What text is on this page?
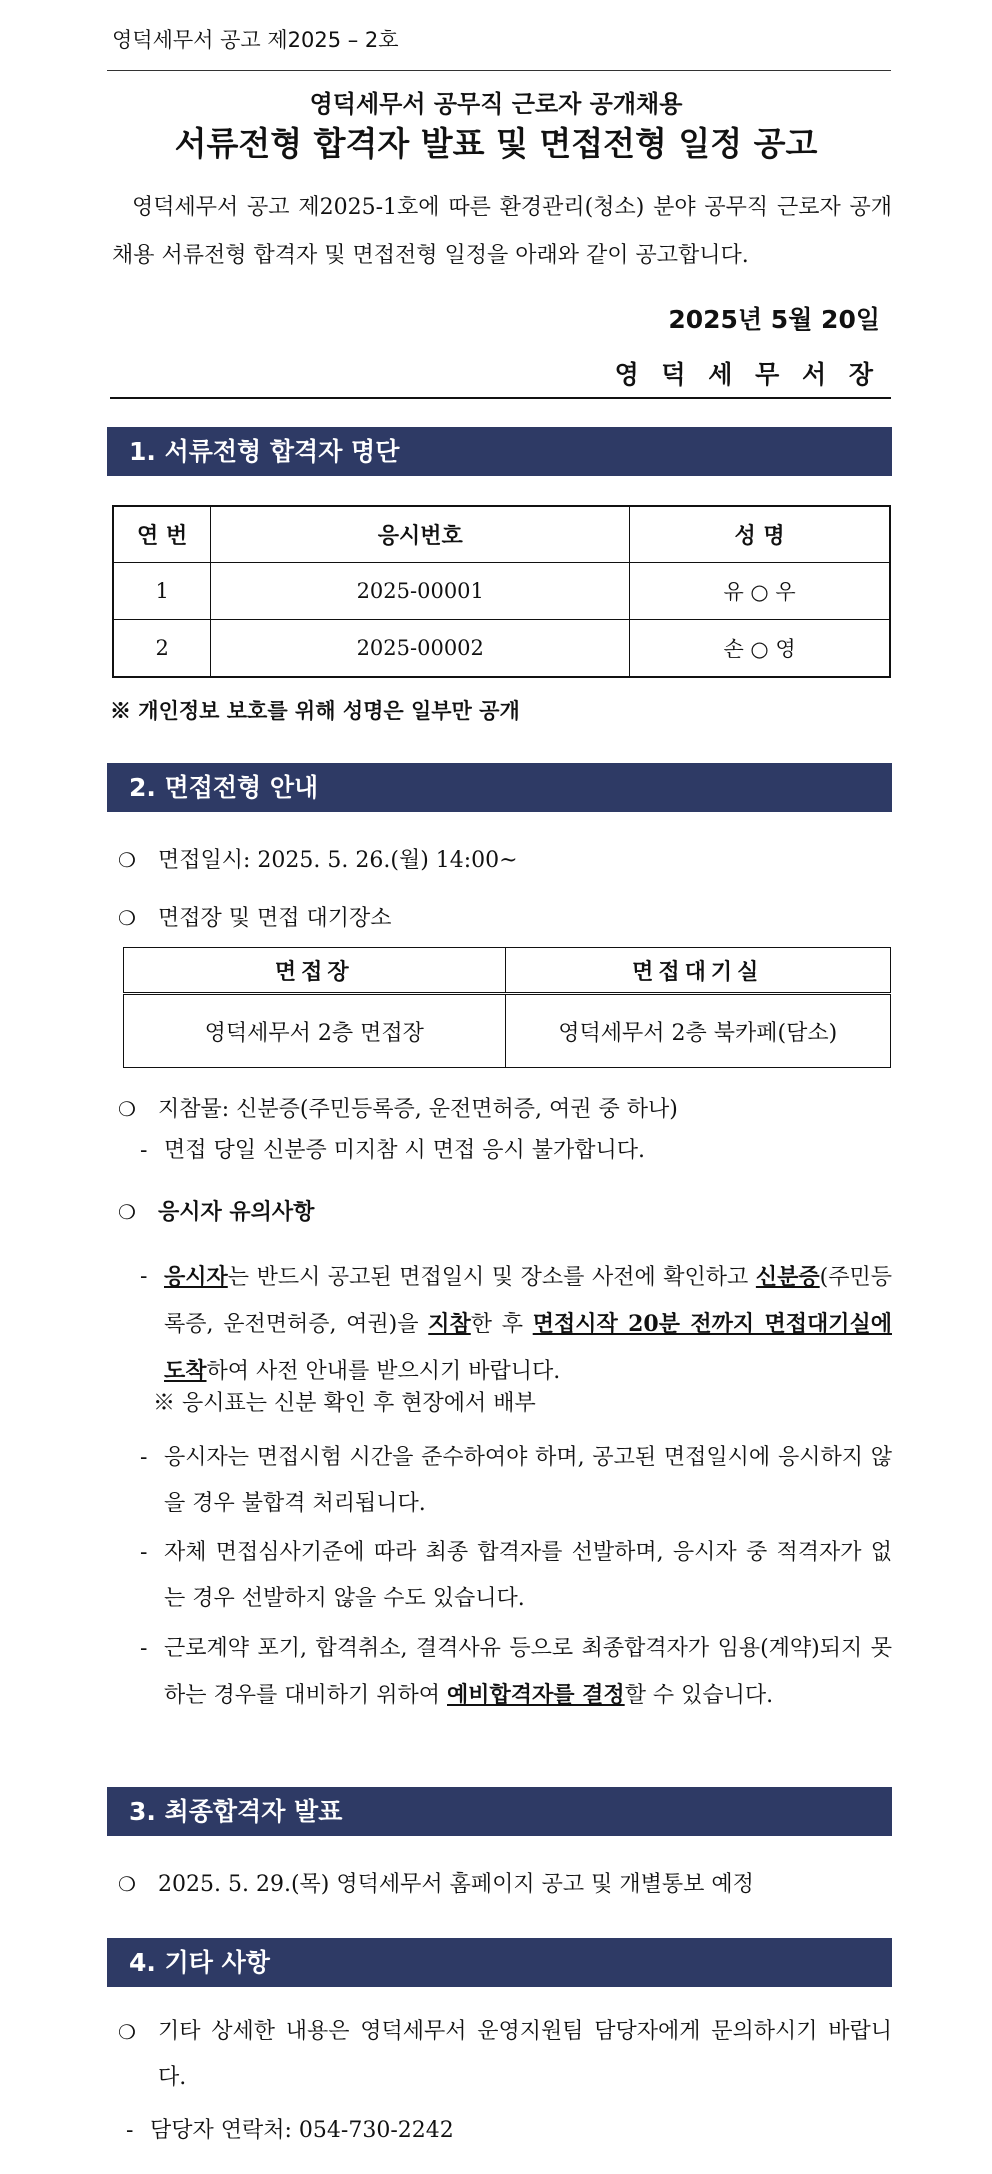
영덕세무서 공고 제2025 – 2호
영덕세무서 공무직 근로자 공개채용
서류전형 합격자 발표 및 면접전형 일정 공고
영덕세무서 공고 제2025-1호에 따른 환경관리(청소) 분야 공무직 근로자 공개채용 서류전형 합격자 및 면접전형 일정을 아래와 같이 공고합니다.
2025년 5월 20일
영 덕 세 무 서 장
1. 서류전형 합격자 명단
연 번	응시번호	성 명
1	2025-00001	유 ○ 우
2	2025-00002	손 ○ 영
※ 개인정보 보호를 위해 성명은 일부만 공개
2. 면접전형 안내
❍ 면접일시: 2025. 5. 26.(월) 14:00~
❍ 면접장 및 면접 대기장소
면접장	면접대기실
영덕세무서 2층 면접장	영덕세무서 2층 북카페(담소)
❍ 지참물: 신분증(주민등록증, 운전면허증, 여권 중 하나)
- 면접 당일 신분증 미지참 시 면접 응시 불가합니다.
❍ 응시자 유의사항
- 응시자는 반드시 공고된 면접일시 및 장소를 사전에 확인하고 신분증(주민등록증, 운전면허증, 여권)을 지참한 후 면접시작 20분 전까지 면접대기실에 도착하여 사전 안내를 받으시기 바랍니다.
※ 응시표는 신분 확인 후 현장에서 배부
- 응시자는 면접시험 시간을 준수하여야 하며, 공고된 면접일시에 응시하지 않을 경우 불합격 처리됩니다.
- 자체 면접심사기준에 따라 최종 합격자를 선발하며, 응시자 중 적격자가 없는 경우 선발하지 않을 수도 있습니다.
- 근로계약 포기, 합격취소, 결격사유 등으로 최종합격자가 임용(계약)되지 못하는 경우를 대비하기 위하여 예비합격자를 결정할 수 있습니다.
3. 최종합격자 발표
❍ 2025. 5. 29.(목) 영덕세무서 홈페이지 공고 및 개별통보 예정
4. 기타 사항
❍ 기타 상세한 내용은 영덕세무서 운영지원팀 담당자에게 문의하시기 바랍니다.
- 담당자 연락처: 054-730-2242
